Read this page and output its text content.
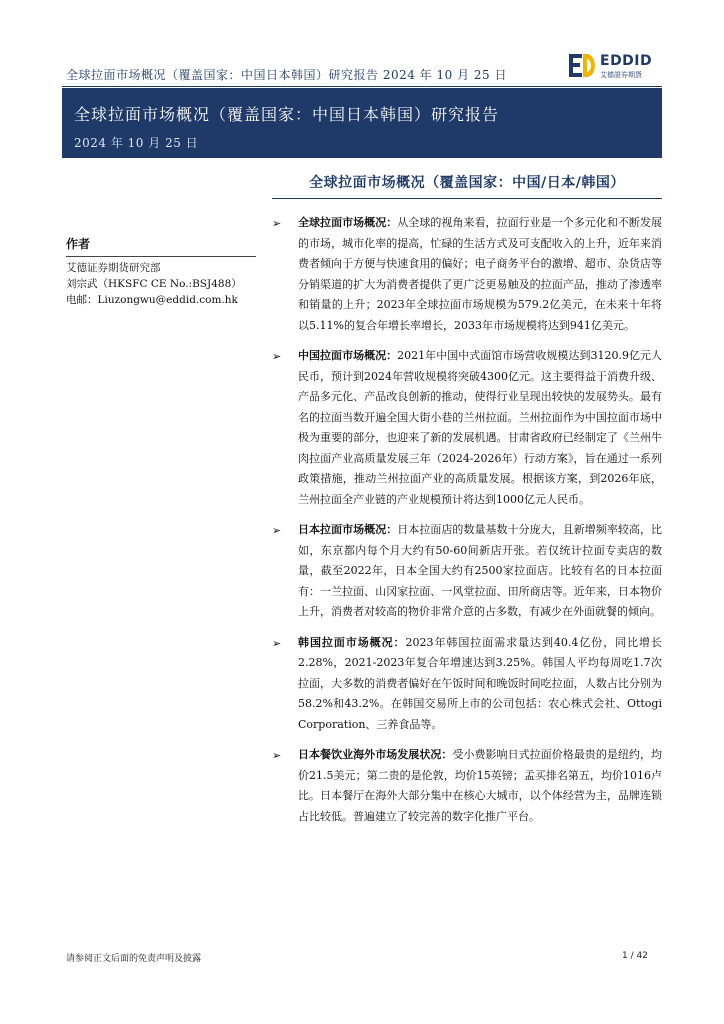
全球拉面市场概况（覆盖国家：中国日本韩国）研究报告 2024 年 10 月 25 日
EDDID
艾德證券期貨
全球拉面市场概况（覆盖国家：中国日本韩国）研究报告
2024 年 10 月 25 日
作者
艾德证券期货研究部
刘宗武（HKSFC CE No.:BSJ488）
电邮：Liuzongwu@eddid.com.hk
全球拉面市场概况（覆盖国家：中国/日本/韩国）
➢ 全球拉面市场概况：从全球的视角来看，拉面行业是一个多元化和不断发展的市场，城市化率的提高，忙碌的生活方式及可支配收入的上升，近年来消费者倾向于方便与快速食用的偏好；电子商务平台的激增、超市、杂货店等分销渠道的扩大为消费者提供了更广泛更易触及的拉面产品，推动了渗透率和销量的上升；2023年全球拉面市场规模为579.2亿美元，在未来十年将以5.11%的复合年增长率增长，2033年市场规模将达到941亿美元。
➢ 中国拉面市场概况：2021年中国中式面馆市场营收规模达到3120.9亿元人民币，预计到2024年营收规模将突破4300亿元。这主要得益于消费升级、产品多元化、产品改良创新的推动，使得行业呈现出较快的发展势头。最有名的拉面当数开遍全国大街小巷的兰州拉面。兰州拉面作为中国拉面市场中极为重要的部分，也迎来了新的发展机遇。甘肃省政府已经制定了《兰州牛肉拉面产业高质量发展三年（2024-2026年）行动方案》，旨在通过一系列政策措施，推动兰州拉面产业的高质量发展。根据该方案，到2026年底，兰州拉面全产业链的产业规模预计将达到1000亿元人民币。
➢ 日本拉面市场概况：日本拉面店的数量基数十分庞大，且新增频率较高，比如，东京都内每个月大约有50-60间新店开张。若仅统计拉面专卖店的数量，截至2022年，日本全国大约有2500家拉面店。比较有名的日本拉面有：一兰拉面、山冈家拉面、一风堂拉面、田所商店等。近年来，日本物价上升，消费者对较高的物价非常介意的占多数，有减少在外面就餐的倾向。
➢ 韩国拉面市场概况：2023年韩国拉面需求量达到40.4亿份，同比增长2.28%，2021-2023年复合年增速达到3.25%。韩国人平均每周吃1.7次拉面，大多数的消费者偏好在午饭时间和晚饭时间吃拉面，人数占比分别为58.2%和43.2%。在韩国交易所上市的公司包括：农心株式会社、Ottogi Corporation、三养食品等。
➢ 日本餐饮业海外市场发展状况：受小费影响日式拉面价格最贵的是纽约，均价21.5美元；第二贵的是伦敦，均价15英镑；孟买排名第五，均价1016卢比。日本餐厅在海外大部分集中在核心大城市，以个体经营为主，品牌连锁占比较低。普遍建立了较完善的数字化推广平台。
请参阅正文后面的免责声明及披露	1 / 42
